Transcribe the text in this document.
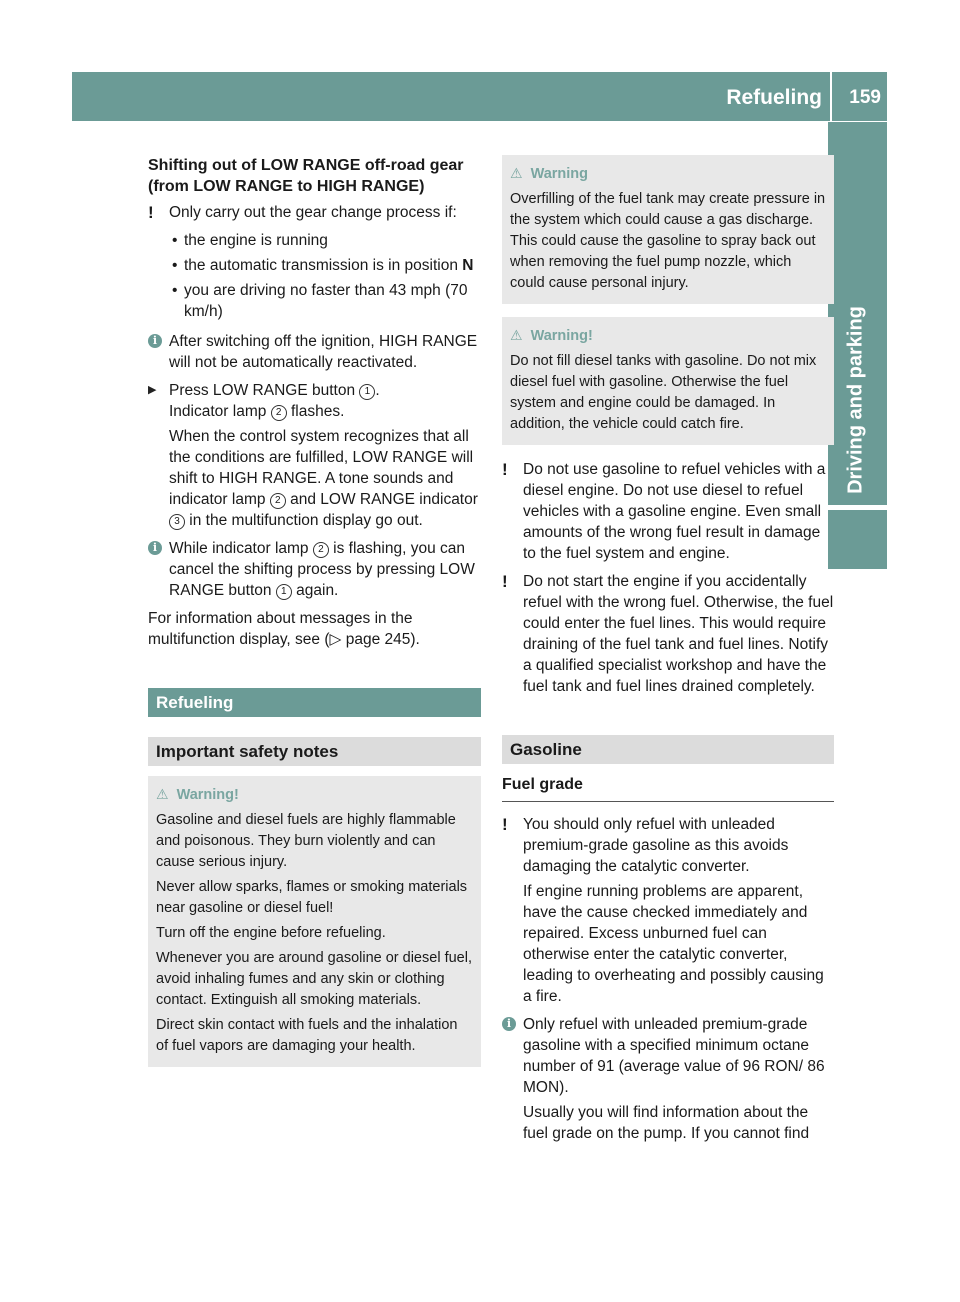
Refueling 159
Driving and parking

Shifting out of LOW RANGE off-road gear (from LOW RANGE to HIGH RANGE)

! Only carry out the gear change process if:

• the engine is running
• the automatic transmission is in position N
• you are driving no faster than 43 mph (70 km/h)

i After switching off the ignition, HIGH RANGE will not be automatically reactivated.

▶ Press LOW RANGE button 1 .
Indicator lamp 2 flashes.

When the control system recognizes that all the conditions are fulfilled, LOW RANGE will shift to HIGH RANGE. A tone sounds and indicator lamp 2 and LOW RANGE indicator 3 in the multifunction display go out.

i While indicator lamp 2 is flashing, you can cancel the shifting process by pressing LOW RANGE button 1 again.

For information about messages in the multifunction display, see (▷ page 245).

Refueling
Important safety notes
⚠ Warning!

Gasoline and diesel fuels are highly flammable and poisonous. They burn violently and can cause serious injury.

Never allow sparks, flames or smoking materials near gasoline or diesel fuel!

Turn off the engine before refueling.

Whenever you are around gasoline or diesel fuel, avoid inhaling fumes and any skin or clothing contact. Extinguish all smoking materials.

Direct skin contact with fuels and the inhalation of fuel vapors are damaging your health.

⚠ Warning

Overfilling of the fuel tank may create pressure in the system which could cause a gas discharge. This could cause the gasoline to spray back out when removing the fuel pump nozzle, which could cause personal injury.

⚠ Warning!

Do not fill diesel tanks with gasoline. Do not mix diesel fuel with gasoline. Otherwise the fuel system and engine could be damaged. In addition, the vehicle could catch fire.

! Do not use gasoline to refuel vehicles with a diesel engine. Do not use diesel to refuel vehicles with a gasoline engine. Even small amounts of the wrong fuel result in damage to the fuel system and engine.

! Do not start the engine if you accidentally refuel with the wrong fuel. Otherwise, the fuel could enter the fuel lines. This would require draining of the fuel tank and fuel lines. Notify a qualified specialist workshop and have the fuel tank and fuel lines drained completely.

Gasoline
Fuel grade

! You should only refuel with unleaded premium-grade gasoline as this avoids damaging the catalytic converter.

If engine running problems are apparent, have the cause checked immediately and repaired. Excess unburned fuel can otherwise enter the catalytic converter, leading to overheating and possibly causing a fire.

i Only refuel with unleaded premium-grade gasoline with a specified minimum octane number of 91 (average value of 96 RON/ 86 MON).

Usually you will find information about the fuel grade on the pump. If you cannot find
